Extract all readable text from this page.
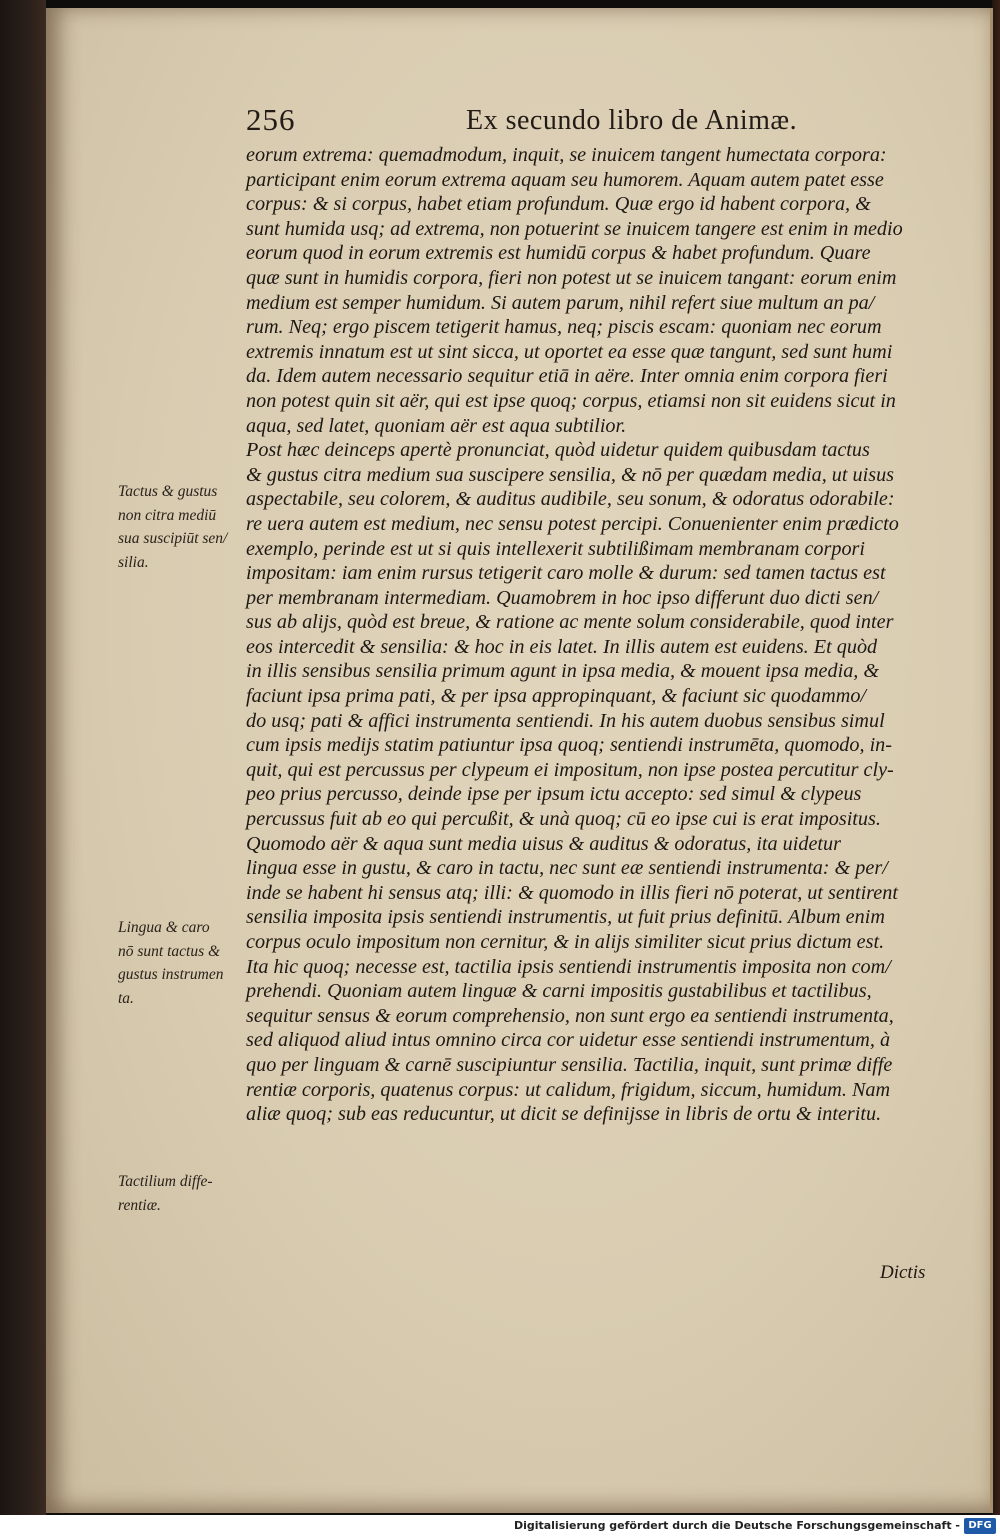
256	Ex secundo libro de Animæ.
eorum extrema: quemadmodum, inquit, se inuicem tangent humectata corpora:
participant enim eorum extrema aquam seu humorem. Aquam autem patet esse
corpus: & si corpus, habet etiam profundum. Quæ ergo id habent corpora, &
sunt humida usq; ad extrema, non potuerint se inuicem tangere est enim in medio
eorum quod in eorum extremis est humidū corpus & habet profundum. Quare
quæ sunt in humidis corpora, fieri non potest ut se inuicem tangant: eorum enim
medium est semper humidum. Si autem parum, nihil refert siue multum an pa/
rum. Neq; ergo piscem tetigerit hamus, neq; piscis escam: quoniam nec eorum
extremis innatum est ut sint sicca, ut oportet ea esse quæ tangunt, sed sunt humi
da. Idem autem necessario sequitur etiā in aëre. Inter omnia enim corpora fieri
non potest quin sit aër, qui est ipse quoq; corpus, etiamsi non sit euidens sicut in
aqua, sed latet, quoniam aër est aqua subtilior.
Post hæc deinceps apertè pronunciat, quòd uidetur quidem quibusdam tactus
& gustus citra medium sua suscipere sensilia, & nō per quædam media, ut uisus
aspectabile, seu colorem, & auditus audibile, seu sonum, & odoratus odorabile:
re uera autem est medium, nec sensu potest percipi. Conuenienter enim prædicto
exemplo, perinde est ut si quis intellexerit subtilißimam membranam corpori
impositam: iam enim rursus tetigerit caro molle & durum: sed tamen tactus est
per membranam intermediam. Quamobrem in hoc ipso differunt duo dicti sen/
sus ab alijs, quòd est breue, & ratione ac mente solum considerabile, quod inter
eos intercedit & sensilia: & hoc in eis latet. In illis autem est euidens. Et quòd
in illis sensibus sensilia primum agunt in ipsa media, & mouent ipsa media, &
faciunt ipsa prima pati, & per ipsa appropinquant, & faciunt sic quodammo/
do usq; pati & affici instrumenta sentiendi. In his autem duobus sensibus simul
cum ipsis medijs statim patiuntur ipsa quoq; sentiendi instrumēta, quomodo, in-
quit, qui est percussus per clypeum ei impositum, non ipse postea percutitur cly-
peo prius percusso, deinde ipse per ipsum ictu accepto: sed simul & clypeus
percussus fuit ab eo qui percußit, & unà quoq; cū eo ipse cui is erat impositus.
Quomodo aër & aqua sunt media uisus & auditus & odoratus, ita uidetur
lingua esse in gustu, & caro in tactu, nec sunt eæ sentiendi instrumenta: & per/
inde se habent hi sensus atq; illi: & quomodo in illis fieri nō poterat, ut sentirent
sensilia imposita ipsis sentiendi instrumentis, ut fuit prius definitū. Album enim
corpus oculo impositum non cernitur, & in alijs similiter sicut prius dictum est.
Ita hic quoq; necesse est, tactilia ipsis sentiendi instrumentis imposita non com/
prehendi. Quoniam autem linguæ & carni impositis gustabilibus et tactilibus,
sequitur sensus & eorum comprehensio, non sunt ergo ea sentiendi instrumenta,
sed aliquod aliud intus omnino circa cor uidetur esse sentiendi instrumentum, à
quo per linguam & carnē suscipiuntur sensilia. Tactilia, inquit, sunt primæ diffe
rentiæ corporis, quatenus corpus: ut calidum, frigidum, siccum, humidum. Nam
aliæ quoq; sub eas reducuntur, ut dicit se definijsse in libris de ortu & interitu.
Tactus & gustus
non citra mediū
sua suscipiūt sen/
silia.
Lingua & caro
nō sunt tactus &
gustus instrumen
ta.
Tactilium diffe-
rentiæ.
Dictis
Digitalisierung gefördert durch die Deutsche Forschungsgemeinschaft - DFG
